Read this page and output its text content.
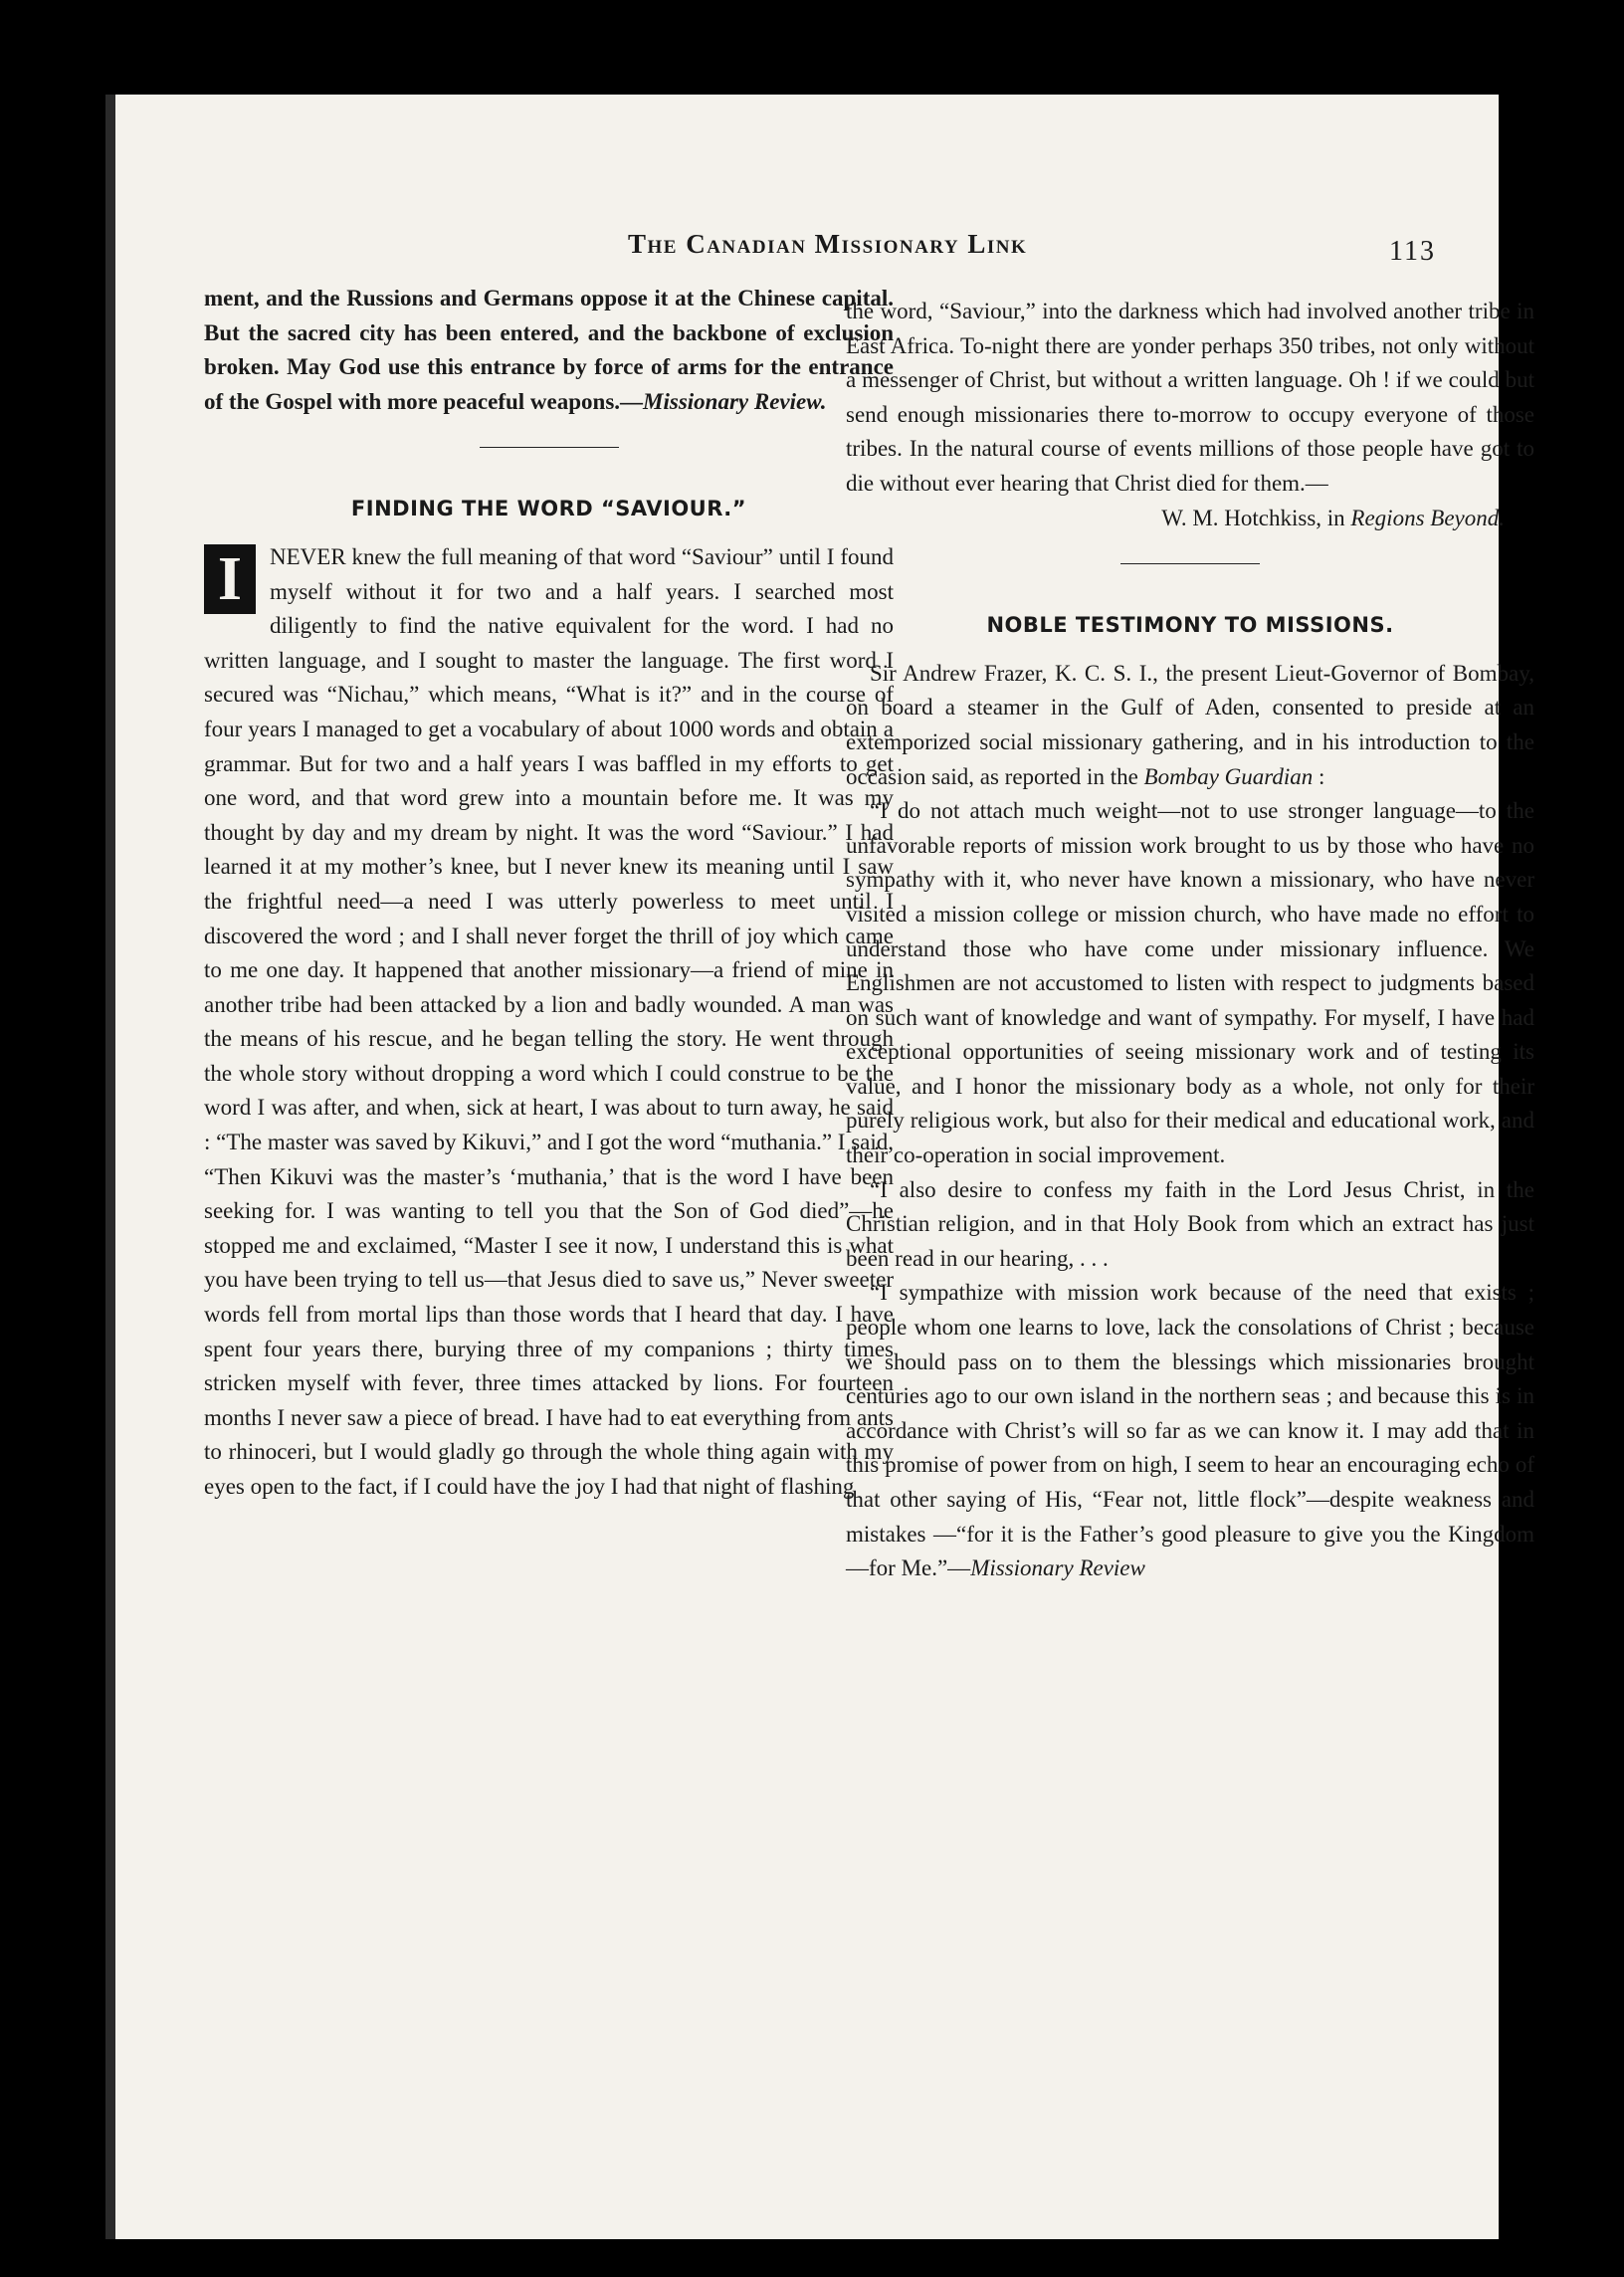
The Canadian Missionary Link	113

ment, and the Russions and Germans oppose it at the Chinese capital. But the sacred city has been entered, and the backbone of exclusion broken. May God use this entrance by force of arms for the entrance of the Gospel with more peaceful weapons.—Missionary Review.

FINDING THE WORD “SAVIOUR.”

I	NEVER knew the full meaning of that word “Saviour” until I found myself without it for two and a half years. I searched most diligently to find the native equivalent for the word. I had no written language, and I sought to master the language. The first word I secured was “Nichau,” which means, “What is it?” and in the course of four years I managed to get a vocabulary of about 1000 words and obtain a grammar. But for two and a half years I was baffled in my efforts to get one word, and that word grew into a mountain before me. It was my thought by day and my dream by night. It was the word “Saviour.” I had learned it at my mother’s knee, but I never knew its meaning until I saw the frightful need—a need I was utterly powerless to meet until I discovered the word ; and I shall never forget the thrill of joy which came to me one day. It happened that another missionary—a friend of mine in another tribe had been attacked by a lion and badly wounded. A man was the means of his rescue, and he began telling the story. He went through the whole story without dropping a word which I could construe to be the word I was after, and when, sick at heart, I was about to turn away, he said : “The master was saved by Kikuvi,” and I got the word “muthania.” I said, “Then Kikuvi was the master’s ‘muthania,’ that is the word I have been seeking for. I was wanting to tell you that the Son of God died”—he stopped me and exclaimed, “Master I see it now, I understand this is what you have been trying to tell us—that Jesus died to save us,” Never sweeter words fell from mortal lips than those words that I heard that day. I have spent four years there, burying three of my companions ; thirty times stricken myself with fever, three times attacked by lions. For fourteen months I never saw a piece of bread. I have had to eat everything from ants to rhinoceri, but I would gladly go through the whole thing again with my eyes open to the fact, if I could have the joy I had that night of flashing

the word, “Saviour,” into the darkness which had involved another tribe in East Africa. To-night there are yonder perhaps 350 tribes, not only without a messenger of Christ, but without a written language. Oh ! if we could but send enough missionaries there to-morrow to occupy everyone of those tribes. In the natural course of events millions of those people have got to die without ever hearing that Christ died for them.—

W. M. Hotchkiss, in Regions Beyond.

NOBLE TESTIMONY TO MISSIONS.

Sir Andrew Frazer, K. C. S. I., the present Lieut-Governor of Bombay, on board a steamer in the Gulf of Aden, consented to preside at an extemporized social missionary gathering, and in his introduction to the occasion said, as reported in the Bombay Guardian :

“I do not attach much weight—not to use stronger language—to the unfavorable reports of mission work brought to us by those who have no sympathy with it, who never have known a missionary, who have never visited a mission college or mission church, who have made no effort to understand those who have come under missionary influence. We Englishmen are not accustomed to listen with respect to judgments based on such want of knowledge and want of sympathy. For myself, I have had exceptional opportunities of seeing missionary work and of testing its value, and I honor the missionary body as a whole, not only for their purely religious work, but also for their medical and educational work, and their co-operation in social improvement.

“I also desire to confess my faith in the Lord Jesus Christ, in the Christian religion, and in that Holy Book from which an extract has just been read in our hearing, . . .

“I sympathize with mission work because of the need that exists ; people whom one learns to love, lack the consolations of Christ ; because we should pass on to them the blessings which missionaries brought centuries ago to our own island in the northern seas ; and because this is in accordance with Christ’s will so far as we can know it. I may add that in this promise of power from on high, I seem to hear an encouraging echo of that other saying of His, “Fear not, little flock”—despite weakness and mistakes —“for it is the Father’s good pleasure to give you the Kingdom—for Me.”—Missionary Review
